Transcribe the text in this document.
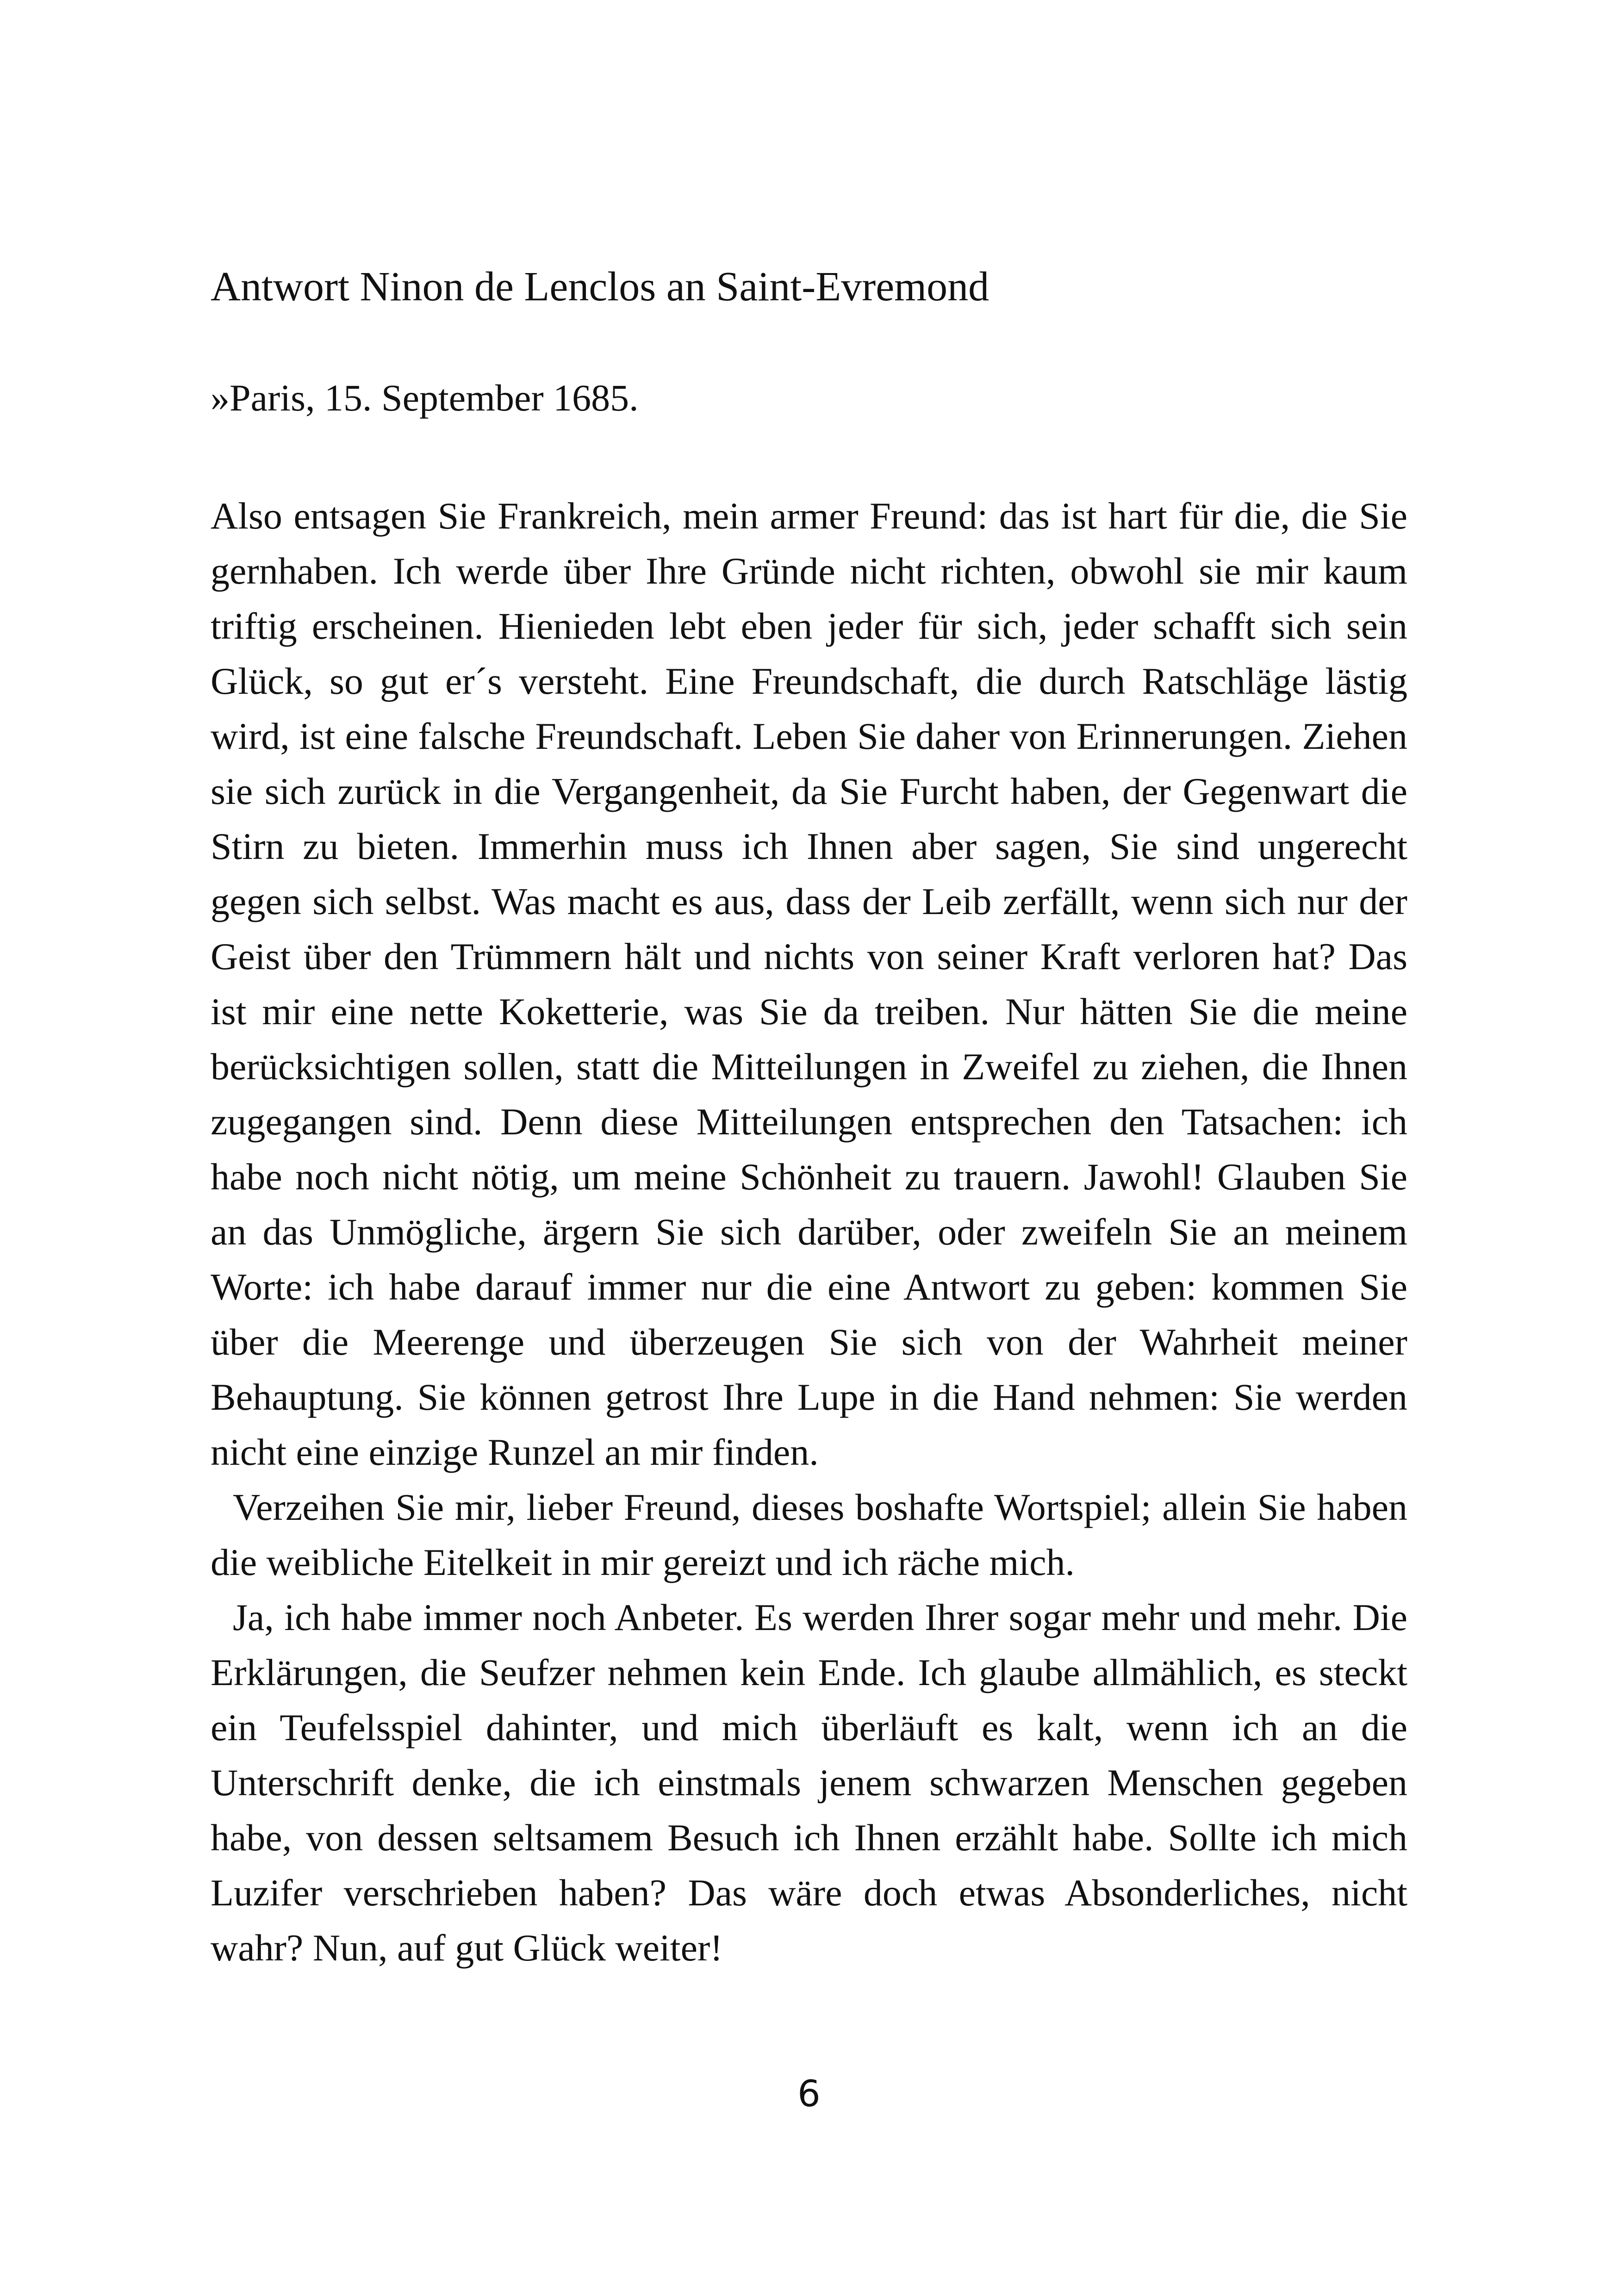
Antwort Ninon de Lenclos an Saint-Evremond

»Paris, 15. September 1685.

Also entsagen Sie Frankreich, mein armer Freund: das ist hart für die, die Sie gernhaben. Ich werde über Ihre Gründe nicht richten, obwohl sie mir kaum triftig erscheinen. Hienieden lebt eben jeder für sich, jeder schafft sich sein Glück, so gut er´s versteht. Eine Freundschaft, die durch Ratschläge lästig wird, ist eine falsche Freundschaft. Leben Sie daher von Erinnerungen. Ziehen sie sich zurück in die Vergangenheit, da Sie Furcht haben, der Gegenwart die Stirn zu bieten. Immerhin muss ich Ihnen aber sagen, Sie sind ungerecht gegen sich selbst. Was macht es aus, dass der Leib zerfällt, wenn sich nur der Geist über den Trümmern hält und nichts von seiner Kraft verloren hat? Das ist mir eine nette Koketterie, was Sie da treiben. Nur hätten Sie die meine berücksichtigen sollen, statt die Mitteilungen in Zweifel zu ziehen, die Ihnen zugegangen sind. Denn diese Mitteilungen entsprechen den Tatsachen: ich habe noch nicht nötig, um meine Schönheit zu trauern. Jawohl! Glauben Sie an das Unmögliche, ärgern Sie sich darüber, oder zweifeln Sie an meinem Worte: ich habe darauf immer nur die eine Antwort zu geben: kommen Sie über die Meerenge und überzeugen Sie sich von der Wahrheit meiner Behauptung. Sie können getrost Ihre Lupe in die Hand nehmen: Sie werden nicht eine einzige Runzel an mir finden.

Verzeihen Sie mir, lieber Freund, dieses boshafte Wortspiel; allein Sie haben die weibliche Eitelkeit in mir gereizt und ich räche mich.

Ja, ich habe immer noch Anbeter. Es werden Ihrer sogar mehr und mehr. Die Erklärungen, die Seufzer nehmen kein Ende. Ich glaube allmählich, es steckt ein Teufelsspiel dahinter, und mich überläuft es kalt, wenn ich an die Unterschrift denke, die ich einstmals jenem schwarzen Menschen gegeben habe, von dessen seltsamem Besuch ich Ihnen erzählt habe. Sollte ich mich Luzifer verschrieben haben? Das wäre doch etwas Absonderliches, nicht wahr? Nun, auf gut Glück weiter!

6
